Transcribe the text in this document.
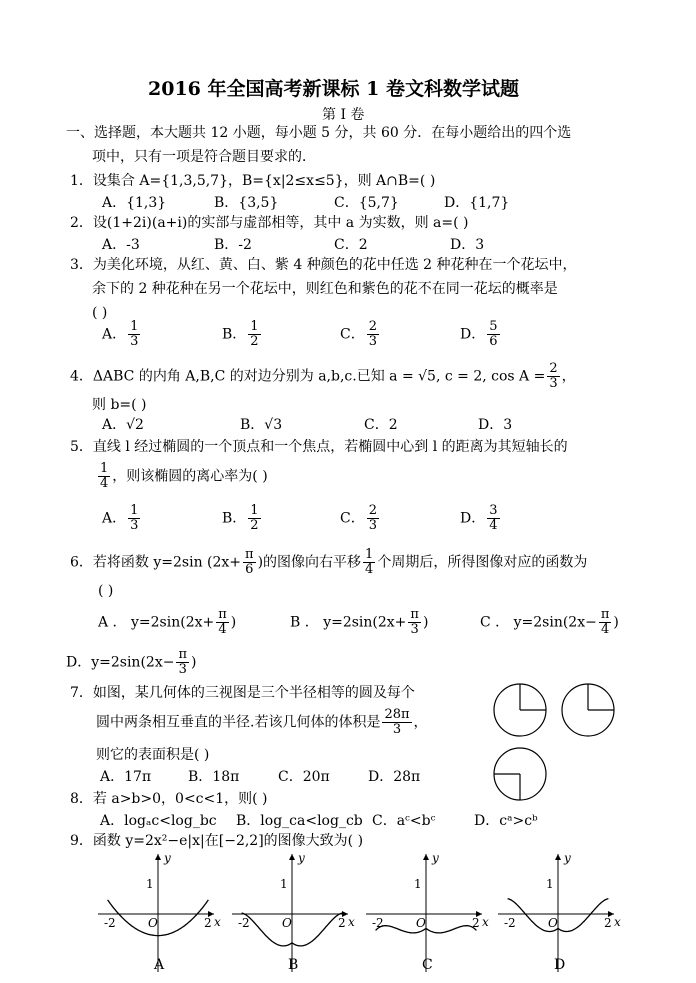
2016 年全国高考新课标 1 卷文科数学试题
第 I 卷
一、选择题，本大题共 12 小题，每小题 5 分，共 60 分．在每小题给出的四个选
项中，只有一项是符合题目要求的．
1．设集合 A={1,3,5,7}，B={x|2≤x≤5}，则 A∩B=( )
A．{1,3}	B．{3,5}	C．{5,7}	D．{1,7}
2．设(1+2i)(a+i)的实部与虚部相等，其中 a 为实数，则 a=( )
A．-3	B．-2	C．2	D．3
3．为美化环境，从红、黄、白、紫 4 种颜色的花中任选 2 种花种在一个花坛中，
余下的 2 种花种在另一个花坛中，则红色和紫色的花不在同一花坛的概率是
( )
A． $\frac{1}{3}$	B． $\frac{1}{2}$	C． $\frac{2}{3}$	D． $\frac{5}{6}$
4．ΔABC 的内角 A,B,C 的对边分别为 a,b,c.已知 a = √5, c = 2, $\cos A = \frac{2}{3}$ ，
则 b=( )
A．√2	B．√3	C．2	D．3
5．直线 l 经过椭圆的一个顶点和一个焦点，若椭圆中心到 l 的距离为其短轴长的
$\frac{1}{4}$ ，则该椭圆的离心率为( )
A． $\frac{1}{3}$	B． $\frac{1}{2}$	C． $\frac{2}{3}$	D． $\frac{3}{4}$
6．若将函数 y=2sin ($2x+ \frac{\pi}{6}$ )的图像向右平移 $\frac{1}{4}$ 个周期后，所得图像对应的函数为
( )
A ． $y=2\sin(2x+ \frac{\pi}{4}$ )	B ． $y=2\sin(2x+ \frac{\pi}{3}$ )	C ． $y=2\sin(2x- \frac{\pi}{4}$ )
D．$y=2\sin(2x- \frac{\pi}{3}$ )
7．如图，某几何体的三视图是三个半径相等的圆及每个
圆中两条相互垂直的半径.若该几何体的体积是 $\frac{28\pi}{3}$ ，
则它的表面积是( )
A．17π	B．18π	C．20π	D．28π
8．若 a>b>0，0<c<1，则( )
A．logₐc<log_bc B．log_ca<log_cb C．aᶜ<bᶜ	D．cᵃ>cᵇ
9．函数 y=2x²−e|x|在[−2,2]的图像大致为( )
y
x
1
O
-2	2
A
y
x
1
O
-2	2
B
y
x
1
O
-2	2
C
y
x
1
O
-2	2
D
